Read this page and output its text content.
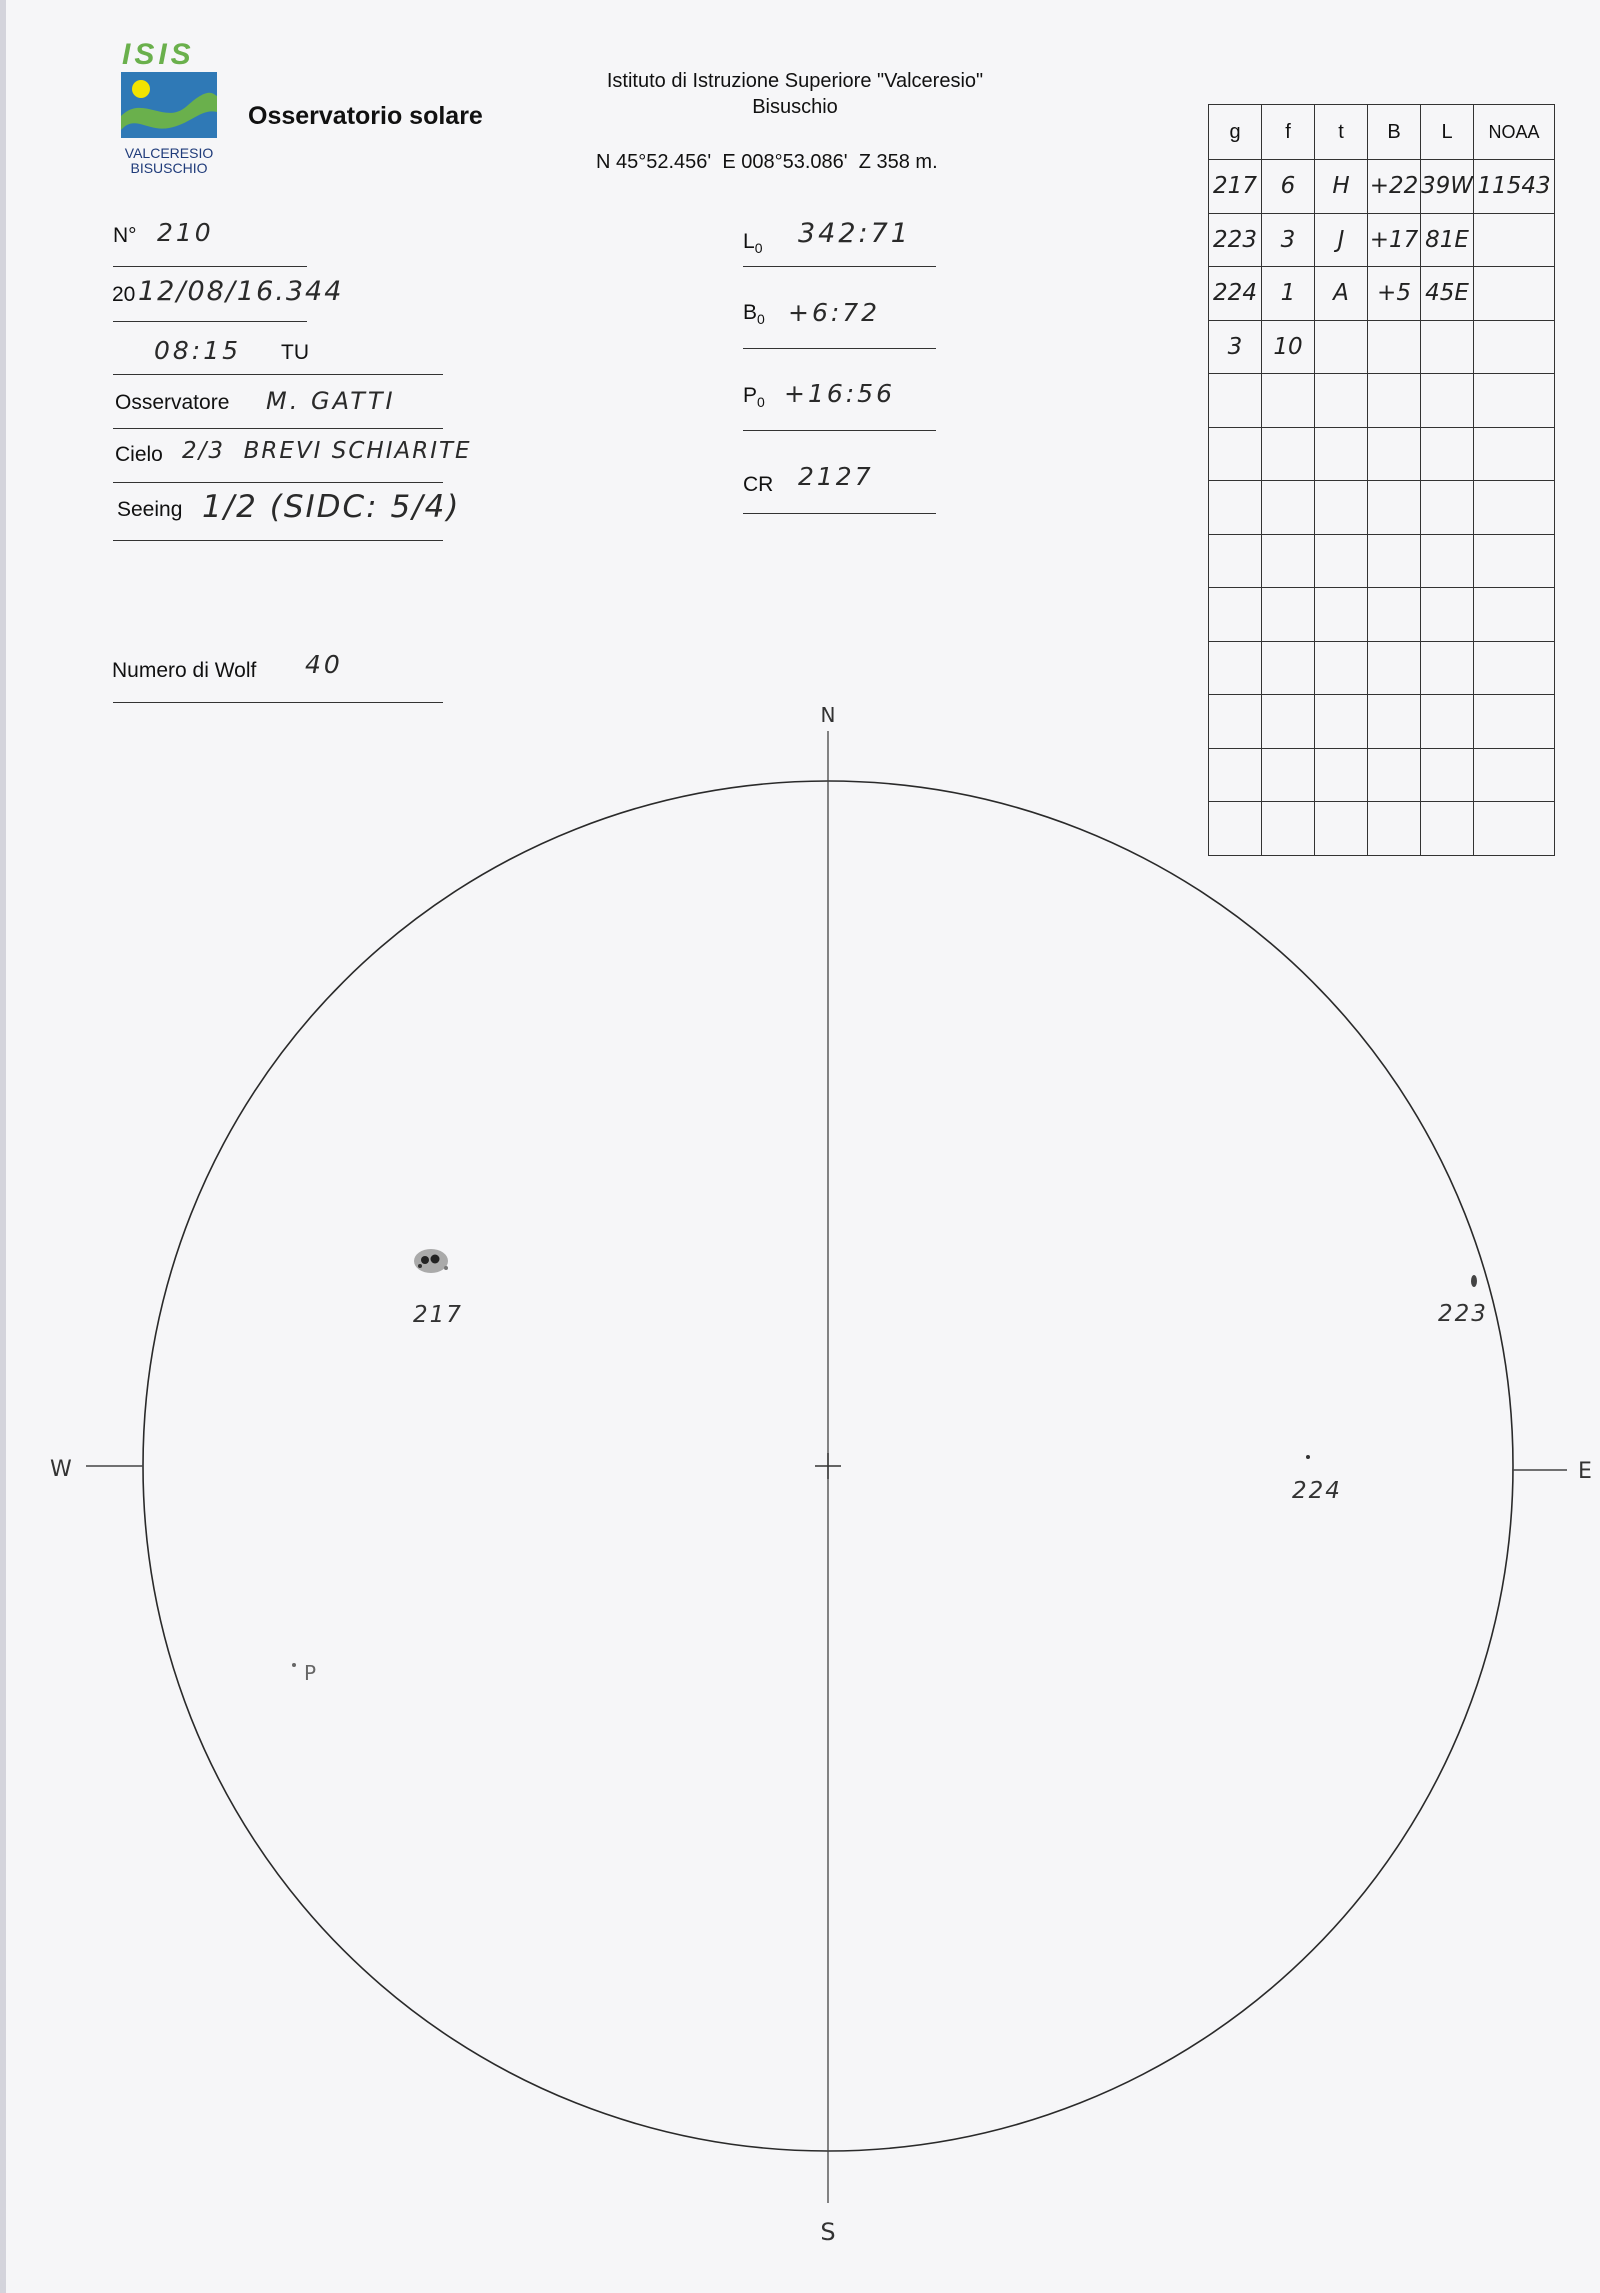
ISIS
VALCERESIO
BISUSCHIO
Osservatorio solare
Istituto di Istruzione Superiore "Valceresio"
Bisuschio
N 45°52.456'  E 008°53.086'  Z 358 m.
N° 210
20 12/08/16.344
08:15 TU
Osservatore M. GATTI
Cielo 2/3  BREVI SCHIARITE
Seeing 1/2 (SIDC: 5/4)
Numero di Wolf 40
$L_0$ 342:71
$B_0$ +6:72
$P_0$ +16:56
CR 2127
g	f	t	B	L	NOAA
217	6	H	+22	39W	11543
223	3	J	+17	81E	
224	1	A	+5	45E	
3	10				

N
S
E
W
217	223
224
P
